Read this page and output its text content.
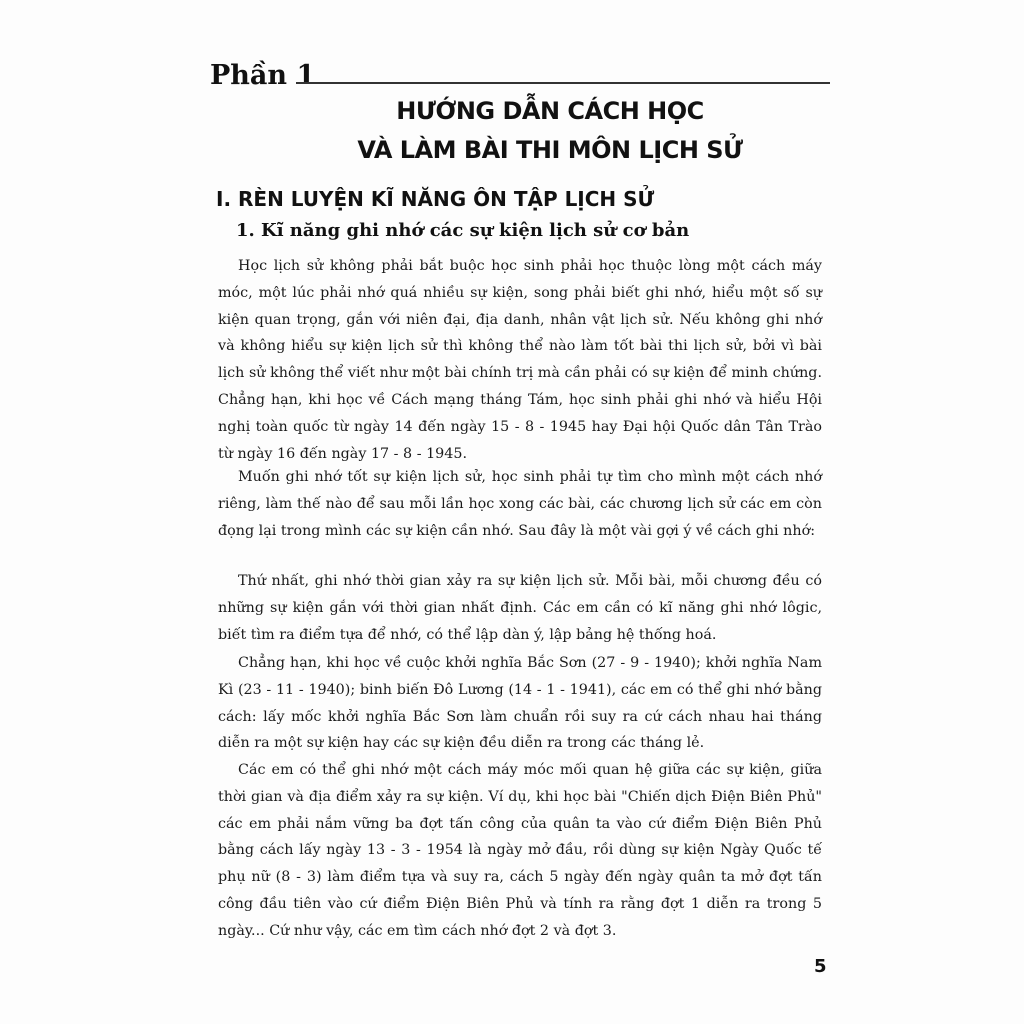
Phần 1
HƯỚNG DẪN CÁCH HỌC
VÀ LÀM BÀI THI MÔN LỊCH SỬ
I. RÈN LUYỆN KĨ NĂNG ÔN TẬP LỊCH SỬ
1. Kĩ năng ghi nhớ các sự kiện lịch sử cơ bản

Học lịch sử không phải bắt buộc học sinh phải học thuộc lòng một cách máy móc, một lúc phải nhớ quá nhiều sự kiện, song phải biết ghi nhớ, hiểu một số sự kiện quan trọng, gắn với niên đại, địa danh, nhân vật lịch sử. Nếu không ghi nhớ và không hiểu sự kiện lịch sử thì không thể nào làm tốt bài thi lịch sử, bởi vì bài lịch sử không thể viết như một bài chính trị mà cần phải có sự kiện để minh chứng. Chẳng hạn, khi học về Cách mạng tháng Tám, học sinh phải ghi nhớ và hiểu Hội nghị toàn quốc từ ngày 14 đến ngày 15 - 8 - 1945 hay Đại hội Quốc dân Tân Trào từ ngày 16 đến ngày 17 - 8 - 1945.

Muốn ghi nhớ tốt sự kiện lịch sử, học sinh phải tự tìm cho mình một cách nhớ riêng, làm thế nào để sau mỗi lần học xong các bài, các chương lịch sử các em còn đọng lại trong mình các sự kiện cần nhớ. Sau đây là một vài gợi ý về cách ghi nhớ:

Thứ nhất, ghi nhớ thời gian xảy ra sự kiện lịch sử. Mỗi bài, mỗi chương đều có những sự kiện gắn với thời gian nhất định. Các em cần có kĩ năng ghi nhớ lôgic, biết tìm ra điểm tựa để nhớ, có thể lập dàn ý, lập bảng hệ thống hoá.

Chẳng hạn, khi học về cuộc khởi nghĩa Bắc Sơn (27 - 9 - 1940); khởi nghĩa Nam Kì (23 - 11 - 1940); binh biến Đô Lương (14 - 1 - 1941), các em có thể ghi nhớ bằng cách: lấy mốc khởi nghĩa Bắc Sơn làm chuẩn rồi suy ra cứ cách nhau hai tháng diễn ra một sự kiện hay các sự kiện đều diễn ra trong các tháng lẻ.

Các em có thể ghi nhớ một cách máy móc mối quan hệ giữa các sự kiện, giữa thời gian và địa điểm xảy ra sự kiện. Ví dụ, khi học bài "Chiến dịch Điện Biên Phủ" các em phải nắm vững ba đợt tấn công của quân ta vào cứ điểm Điện Biên Phủ bằng cách lấy ngày 13 - 3 - 1954 là ngày mở đầu, rồi dùng sự kiện Ngày Quốc tế phụ nữ (8 - 3) làm điểm tựa và suy ra, cách 5 ngày đến ngày quân ta mở đợt tấn công đầu tiên vào cứ điểm Điện Biên Phủ và tính ra rằng đợt 1 diễn ra trong 5 ngày... Cứ như vậy, các em tìm cách nhớ đợt 2 và đợt 3.

5
